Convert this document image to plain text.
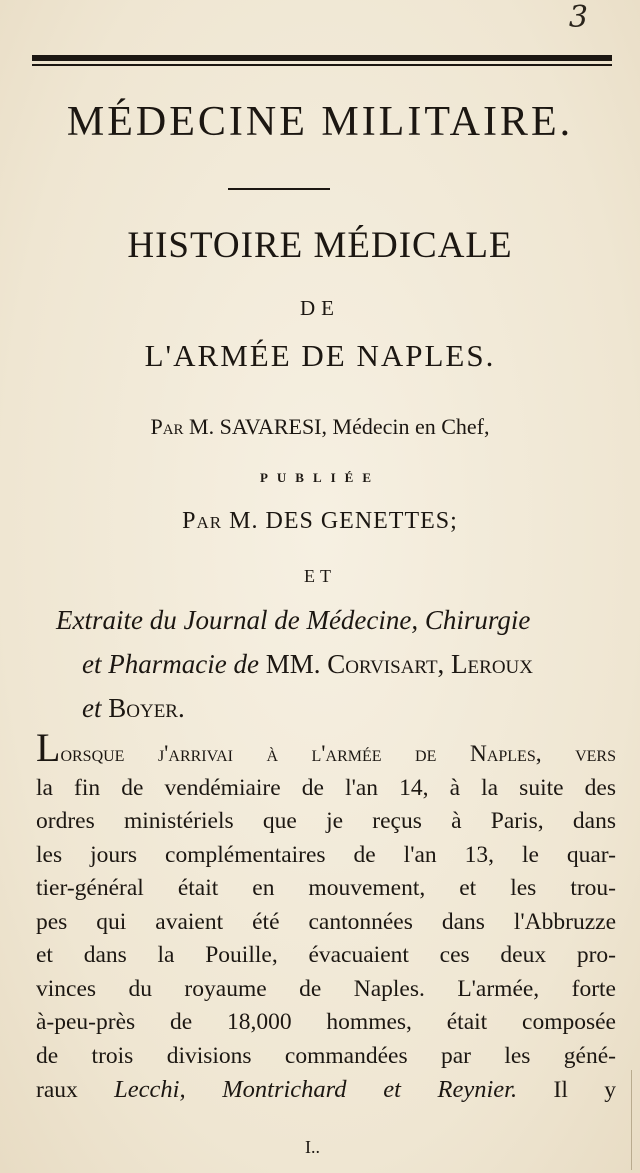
3
MÉDECINE MILITAIRE.
HISTOIRE MÉDICALE
DE
L'ARMÉE DE NAPLES.
Par M. SAVARESI, Médecin en Chef,
PUBLIÉE
Par M. DES GENETTES;
ET
Extraite du Journal de Médecine, Chirurgie
et Pharmacie de MM. Corvisart, Leroux
et Boyer.
Lorsque j'arrivai à l'armée de Naples, vers
la fin de vendémiaire de l'an 14, à la suite des
ordres ministériels que je reçus à Paris, dans
les jours complémentaires de l'an 13, le quar-
tier-général était en mouvement, et les trou-
pes qui avaient été cantonnées dans l'Abbruzze
et dans la Pouille, évacuaient ces deux pro-
vinces du royaume de Naples. L'armée, forte
à-peu-près de 18,000 hommes, était composée
de trois divisions commandées par les géné-
raux Lecchi, Montrichard et Reynier. Il y
I..
